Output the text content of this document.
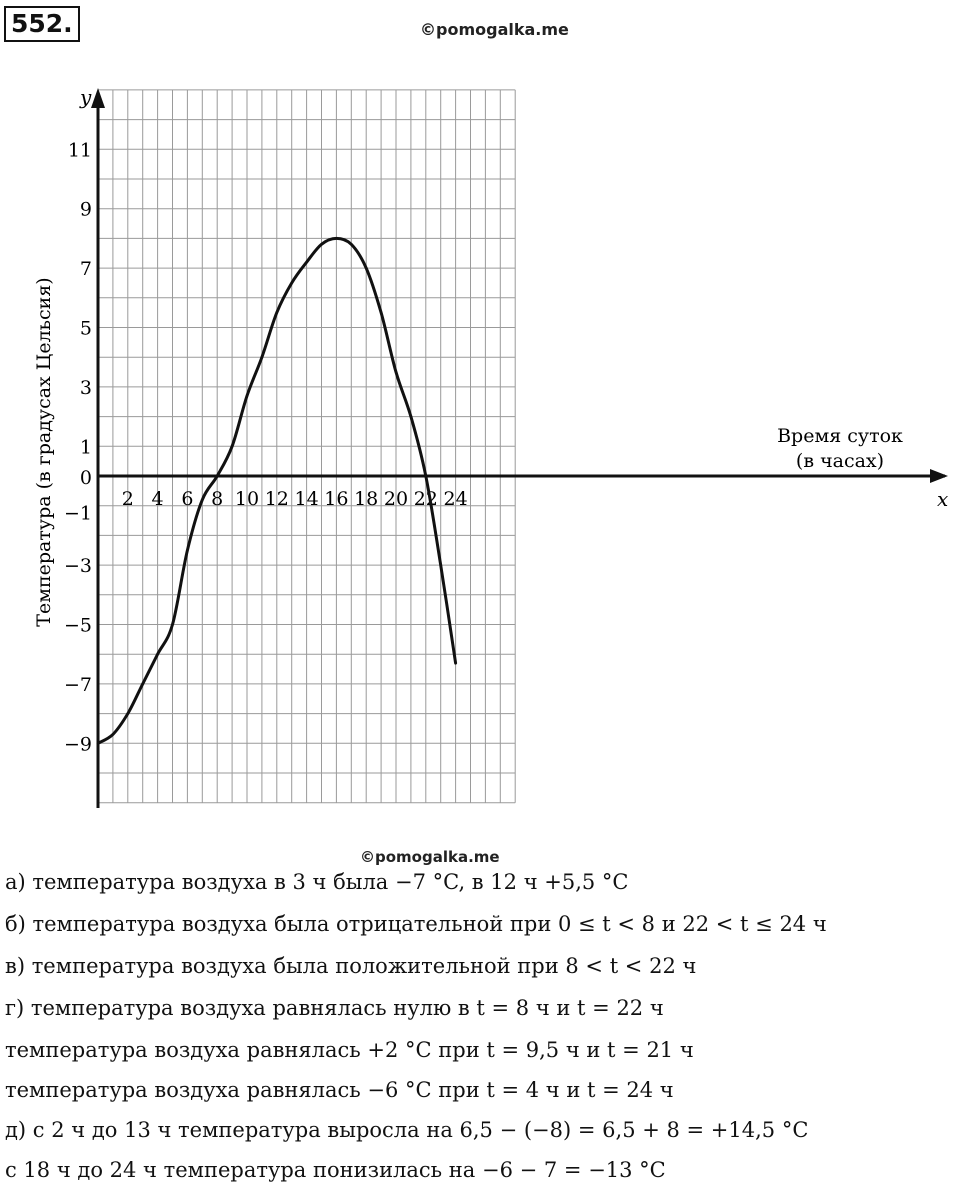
552.	©pomogalka.me
2 4 6 8 10 12 14 16 18 20 22 24
11
9
7
5
3
1
0
−1
−3
−5
−7
−9
x
y
Температура (в градусах Цельсия)	Время суток
(в часах)
©pomogalka.me
а) температура воздуха в 3 ч была −7 °C, в 12 ч +5,5 °C
б) температура воздуха была отрицательной при 0 ≤ t < 8 и 22 < t ≤ 24 ч
в) температура воздуха была положительной при 8 < t < 22 ч
г) температура воздуха равнялась нулю в t = 8 ч и t = 22 ч
температура воздуха равнялась +2 °C при t = 9,5 ч и t = 21 ч
температура воздуха равнялась −6 °C при t = 4 ч и t = 24 ч
д) с 2 ч до 13 ч температура выросла на 6,5 − (−8) = 6,5 + 8 = +14,5 °C
с 18 ч до 24 ч температура понизилась на −6 − 7 = −13 °C
